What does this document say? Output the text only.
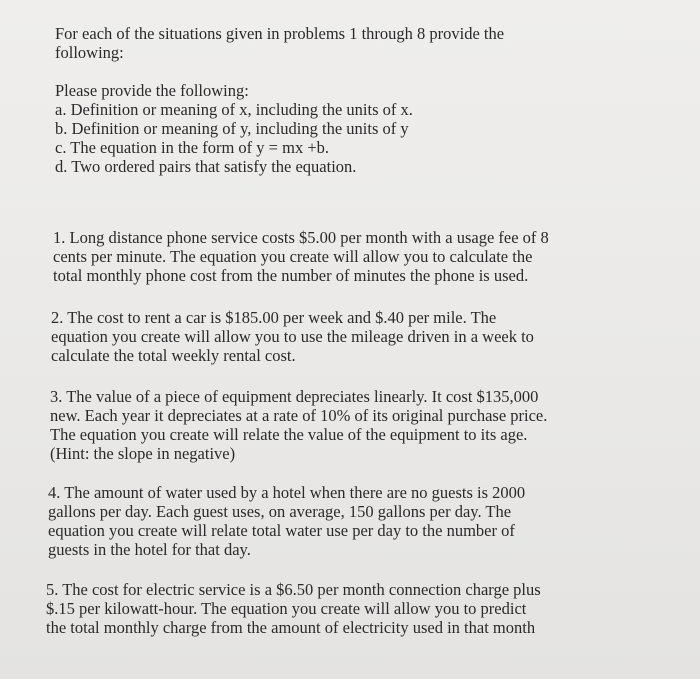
For each of the situations given in problems 1 through 8 provide the
following:

Please provide the following:
a. Definition or meaning of x, including the units of x.
b. Definition or meaning of y, including the units of y
c. The equation in the form of y = mx +b.
d. Two ordered pairs that satisfy the equation.

1. Long distance phone service costs $5.00 per month with a usage fee of 8
cents per minute. The equation you create will allow you to calculate the
total monthly phone cost from the number of minutes the phone is used.

2. The cost to rent a car is $185.00 per week and $.40 per mile. The
equation you create will allow you to use the mileage driven in a week to
calculate the total weekly rental cost.

3. The value of a piece of equipment depreciates linearly. It cost $135,000
new. Each year it depreciates at a rate of 10% of its original purchase price.
The equation you create will relate the value of the equipment to its age.
(Hint: the slope in negative)

4. The amount of water used by a hotel when there are no guests is 2000
gallons per day. Each guest uses, on average, 150 gallons per day. The
equation you create will relate total water use per day to the number of
guests in the hotel for that day.

5. The cost for electric service is a $6.50 per month connection charge plus
$.15 per kilowatt-hour. The equation you create will allow you to predict
the total monthly charge from the amount of electricity used in that month
